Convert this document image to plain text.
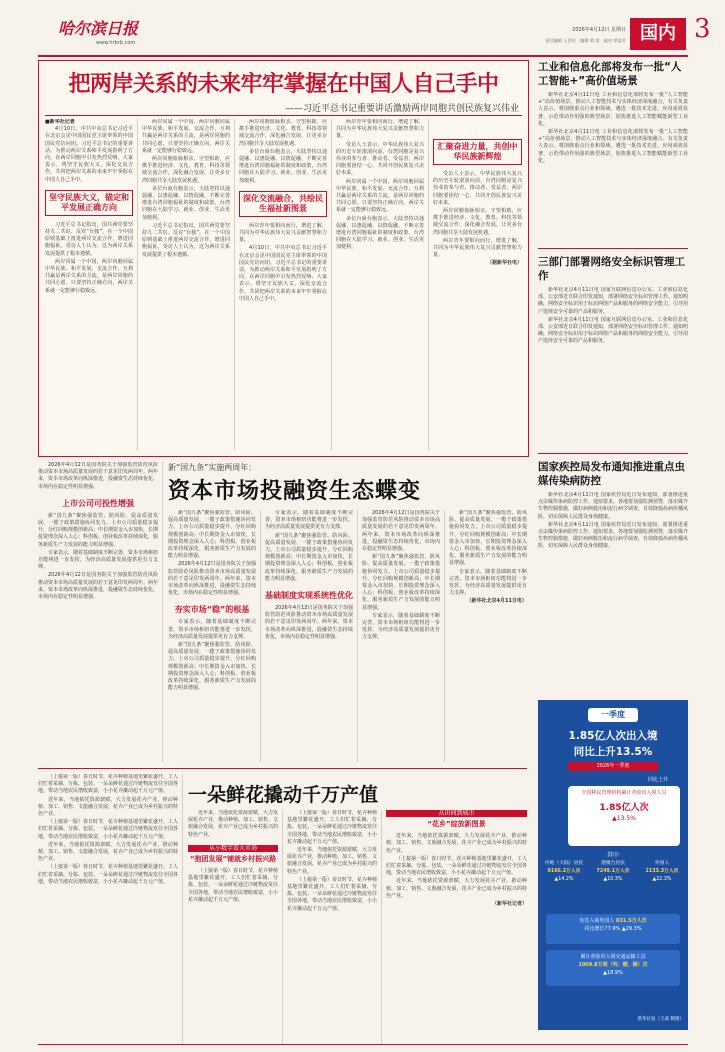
哈尔滨日报
www.hrbrb.com
2026年4月12日 星期日
责任编辑 王洪民　编辑 黄 梁　校对 徐盈芳 国内 3
把两岸关系的未来牢牢掌握在中国人自己手中
——习近平总书记重要讲话激励两岸同胞共创民族复兴伟业
■新华社记者

4月10日，中共中央总书记习近平在北京会见中国国民党主席率领的中国国民党访问团。习近平总书记的重要讲话，为推动两岸关系和平发展指明了方向，在两岸同胞中引发热烈反响。大家表示，将坚守民族大义，深化交流合作，共同把两岸关系的未来牢牢掌握在中国人自己手中。

坚守民族大义，锚定和平发展正确方向

习近平总书记指出，国共两党要坚持九二共识、反对“台独”，在一个中国原则基础上推进两岸交流合作，增进同胞福祉。受访人士认为，这为两岸关系发展提供了根本遵循。

两岸同属一个中国，两岸同胞同属中华民族。和平发展、交流合作、互利共赢是两岸关系的主流，是两岸同胞的共同心愿。只要坚持正确方向，两岸关系就一定能够行稳致远。

两岸同属一个中国，两岸同胞同属中华民族。和平发展、交流合作、互利共赢是两岸关系的主流，是两岸同胞的共同心愿。只要坚持正确方向，两岸关系就一定能够行稳致远。

两岸同胞血脉相亲、守望相助，应携手推进经济、文化、教育、科技等领域交流合作，深化融合发展，让更多台湾同胞共享大陆发展机遇。

多位台商台胞表示，大陆坚持以通促融、以惠促融、以情促融，不断完善增进台湾同胞福祉的制度和政策，台湾同胞在大陆学习、就业、创业、生活更加便利。

习近平总书记指出，国共两党要坚持九二共识、反对“台独”，在一个中国原则基础上推进两岸交流合作，增进同胞福祉。受访人士认为，这为两岸关系发展提供了根本遵循。

两岸同胞血脉相亲、守望相助，应携手推进经济、文化、教育、科技等领域交流合作，深化融合发展，让更多台湾同胞共享大陆发展机遇。

多位台商台胞表示，大陆坚持以通促融、以惠促融、以情促融，不断完善增进台湾同胞福祉的制度和政策，台湾同胞在大陆学习、就业、创业、生活更加便利。

深化交流融合，共绘民生福祉新图景

两岸青年要相向而行，增进了解，共同为中华民族伟大复兴贡献智慧和力量。

4月10日，中共中央总书记习近平在北京会见中国国民党主席率领的中国国民党访问团。习近平总书记的重要讲话，为推动两岸关系和平发展指明了方向，在两岸同胞中引发热烈反响。大家表示，将坚守民族大义，深化交流合作，共同把两岸关系的未来牢牢掌握在中国人自己手中。

两岸青年要相向而行，增进了解，共同为中华民族伟大复兴贡献智慧和力量。

受访人士表示，中华民族伟大复兴的历史车轮滚滚向前，台湾同胞是复兴伟业的参与者、推动者、受益者，两岸同胞要团结一心，共同开创民族复兴美好未来。

两岸同属一个中国，两岸同胞同属中华民族。和平发展、交流合作、互利共赢是两岸关系的主流，是两岸同胞的共同心愿。只要坚持正确方向，两岸关系就一定能够行稳致远。

多位台商台胞表示，大陆坚持以通促融、以惠促融、以情促融，不断完善增进台湾同胞福祉的制度和政策，台湾同胞在大陆学习、就业、创业、生活更加便利。

汇聚奋进力量，共创中华民族新辉煌

受访人士表示，中华民族伟大复兴的历史车轮滚滚向前，台湾同胞是复兴伟业的参与者、推动者、受益者，两岸同胞要团结一心，共同开创民族复兴美好未来。

两岸同胞血脉相亲、守望相助，应携手推进经济、文化、教育、科技等领域交流合作，深化融合发展，让更多台湾同胞共享大陆发展机遇。

两岸青年要相向而行，增进了解，共同为中华民族伟大复兴贡献智慧和力量。

（据新华社电）
工业和信息化部将发布一批“人工智能+”高价值场景

新华社北京4月11日电 工业和信息化部将发布一批“人工智能+”高价值场景，推动人工智能技术与实体经济深度融合。有关负责人表示，将围绕重点行业和领域，遴选一批技术先进、应用成效显著、示范带动作用强的典型场景，加快推进人工智能赋能新型工业化。

新华社北京4月11日电 工业和信息化部将发布一批“人工智能+”高价值场景，推动人工智能技术与实体经济深度融合。有关负责人表示，将围绕重点行业和领域，遴选一批技术先进、应用成效显著、示范带动作用强的典型场景，加快推进人工智能赋能新型工业化。

三部门部署网络安全标识管理工作

新华社北京4月11日电 国家互联网信息办公室、工业和信息化部、公安部近日联合印发通知，部署网络安全标识管理工作。通知明确，网络安全标识用于标识网络产品和服务的网络安全能力，引导用户选择安全可靠的产品和服务。

新华社北京4月11日电 国家互联网信息办公室、工业和信息化部、公安部近日联合印发通知，部署网络安全标识管理工作。通知明确，网络安全标识用于标识网络产品和服务的网络安全能力，引导用户选择安全可靠的产品和服务。

国家疾控局发布通知推进重点虫媒传染病防控

新华社北京4月11日电 国家疾控局近日发布通知，部署推进重点虫媒传染病防控工作。通知要求，各地要加强监测预警，落实媒介生物控制措施，做好病例救治和流行病学调查，有效降低疾病传播风险，切实保障人民群众身体健康。

新华社北京4月11日电 国家疾控局近日发布通知，部署推进重点虫媒传染病防控工作。通知要求，各地要加强监测预警，落实媒介生物控制措施，做好病例救治和流行病学调查，有效降低疾病传播风险，切实保障人民群众身体健康。

一季度
1.85亿人次出入境
同比上升13.5%
2026年一季度
同比上升
全国移民管理机构累计查验出入境人员
1.85亿人次
▲13.5%
其中
内地（大陆）居民
9166.2万人次
▲14.2%
港澳台居民
7249.1万人次
▲10.3%
外国人
2133.3万人次
▲22.3%
免签入境外国人 831.5万人次
同比增长77.9% ▲29.3%
累计查验出入境交通运输工具
1009.8万架（列、艘、辆）次
▲18.9%
新华社发（王威 制图）
新“国九条”实施两周年：
资本市场投融资生态蝶变

2026年4月12日是国务院关于加强监管防范风险推动资本市场高质量发展的若干意见印发两周年。两年来，资本市场改革向纵深推进，投融资生态持续优化，市场内在稳定性明显增强。

上市公司可投性增强

新“国九条”聚焦强监管、防风险、促高质量发展，一揽子政策措施协同发力。上市公司质量稳步提升，分红回购规模创新高；中长期资金入市加快，长期投资理念深入人心；科创板、创业板改革持续深化，服务新质生产力发展的能力明显增强。

专家表示，随着基础制度不断完善，资本市场枢纽功能将进一步发挥，为经济高质量发展提供更有力支撑。

2026年4月12日是国务院关于加强监管防范风险推动资本市场高质量发展的若干意见印发两周年。两年来，资本市场改革向纵深推进，投融资生态持续优化，市场内在稳定性明显增强。

新“国九条”聚焦强监管、防风险、促高质量发展，一揽子政策措施协同发力。上市公司质量稳步提升，分红回购规模创新高；中长期资金入市加快，长期投资理念深入人心；科创板、创业板改革持续深化，服务新质生产力发展的能力明显增强。

2026年4月12日是国务院关于加强监管防范风险推动资本市场高质量发展的若干意见印发两周年。两年来，资本市场改革向纵深推进，投融资生态持续优化，市场内在稳定性明显增强。

夯实市场“稳”的根基

专家表示，随着基础制度不断完善，资本市场枢纽功能将进一步发挥，为经济高质量发展提供更有力支撑。

新“国九条”聚焦强监管、防风险、促高质量发展，一揽子政策措施协同发力。上市公司质量稳步提升，分红回购规模创新高；中长期资金入市加快，长期投资理念深入人心；科创板、创业板改革持续深化，服务新质生产力发展的能力明显增强。

专家表示，随着基础制度不断完善，资本市场枢纽功能将进一步发挥，为经济高质量发展提供更有力支撑。

新“国九条”聚焦强监管、防风险、促高质量发展，一揽子政策措施协同发力。上市公司质量稳步提升，分红回购规模创新高；中长期资金入市加快，长期投资理念深入人心；科创板、创业板改革持续深化，服务新质生产力发展的能力明显增强。

基础制度实现系统性优化

2026年4月12日是国务院关于加强监管防范风险推动资本市场高质量发展的若干意见印发两周年。两年来，资本市场改革向纵深推进，投融资生态持续优化，市场内在稳定性明显增强。

2026年4月12日是国务院关于加强监管防范风险推动资本市场高质量发展的若干意见印发两周年。两年来，资本市场改革向纵深推进，投融资生态持续优化，市场内在稳定性明显增强。

新“国九条”聚焦强监管、防风险、促高质量发展，一揽子政策措施协同发力。上市公司质量稳步提升，分红回购规模创新高；中长期资金入市加快，长期投资理念深入人心；科创板、创业板改革持续深化，服务新质生产力发展的能力明显增强。

专家表示，随着基础制度不断完善，资本市场枢纽功能将进一步发挥，为经济高质量发展提供更有力支撑。

新“国九条”聚焦强监管、防风险、促高质量发展，一揽子政策措施协同发力。上市公司质量稳步提升，分红回购规模创新高；中长期资金入市加快，长期投资理念深入人心；科创板、创业板改革持续深化，服务新质生产力发展的能力明显增强。

专家表示，随着基础制度不断完善，资本市场枢纽功能将进一步发挥，为经济高质量发展提供更有力支撑。

（新华社北京4月11日电）
一朵鲜花撬动千万产值

（上接第一版）春日时节，花卉种植基地里繁花盛开，工人们忙着采摘、分拣、包装。一朵朵鲜花通过冷链物流发往全国各地，带动当地农民增收致富，小小花卉撬动起千万元产值。

近年来，当地依托资源禀赋，大力发展花卉产业，推动种植、加工、销售、文旅融合发展，花卉产业已成为乡村振兴的特色产业。

（上接第一版）春日时节，花卉种植基地里繁花盛开，工人们忙着采摘、分拣、包装。一朵朵鲜花通过冷链物流发往全国各地，带动当地农民增收致富，小小花卉撬动起千万元产值。

近年来，当地依托资源禀赋，大力发展花卉产业，推动种植、加工、销售、文旅融合发展，花卉产业已成为乡村振兴的特色产业。

（上接第一版）春日时节，花卉种植基地里繁花盛开，工人们忙着采摘、分拣、包装。一朵朵鲜花通过冷链物流发往全国各地，带动当地农民增收致富，小小花卉撬动起千万元产值。

近年来，当地依托资源禀赋，大力发展花卉产业，推动种植、加工、销售、文旅融合发展，花卉产业已成为乡村振兴的特色产业。

从小数字看大市场
“抱团发展”铺就乡村振兴路

（上接第一版）春日时节，花卉种植基地里繁花盛开，工人们忙着采摘、分拣、包装。一朵朵鲜花通过冷链物流发往全国各地，带动当地农民增收致富，小小花卉撬动起千万元产值。

（上接第一版）春日时节，花卉种植基地里繁花盛开，工人们忙着采摘、分拣、包装。一朵朵鲜花通过冷链物流发往全国各地，带动当地农民增收致富，小小花卉撬动起千万元产值。

近年来，当地依托资源禀赋，大力发展花卉产业，推动种植、加工、销售、文旅融合发展，花卉产业已成为乡村振兴的特色产业。

（上接第一版）春日时节，花卉种植基地里繁花盛开，工人们忙着采摘、分拣、包装。一朵朵鲜花通过冷链物流发往全国各地，带动当地农民增收致富，小小花卉撬动起千万元产值。

从田间到城市
“花乡”绽放新图景

近年来，当地依托资源禀赋，大力发展花卉产业，推动种植、加工、销售、文旅融合发展，花卉产业已成为乡村振兴的特色产业。

（上接第一版）春日时节，花卉种植基地里繁花盛开，工人们忙着采摘、分拣、包装。一朵朵鲜花通过冷链物流发往全国各地，带动当地农民增收致富，小小花卉撬动起千万元产值。

近年来，当地依托资源禀赋，大力发展花卉产业，推动种植、加工、销售、文旅融合发展，花卉产业已成为乡村振兴的特色产业。

（新华社记者）
